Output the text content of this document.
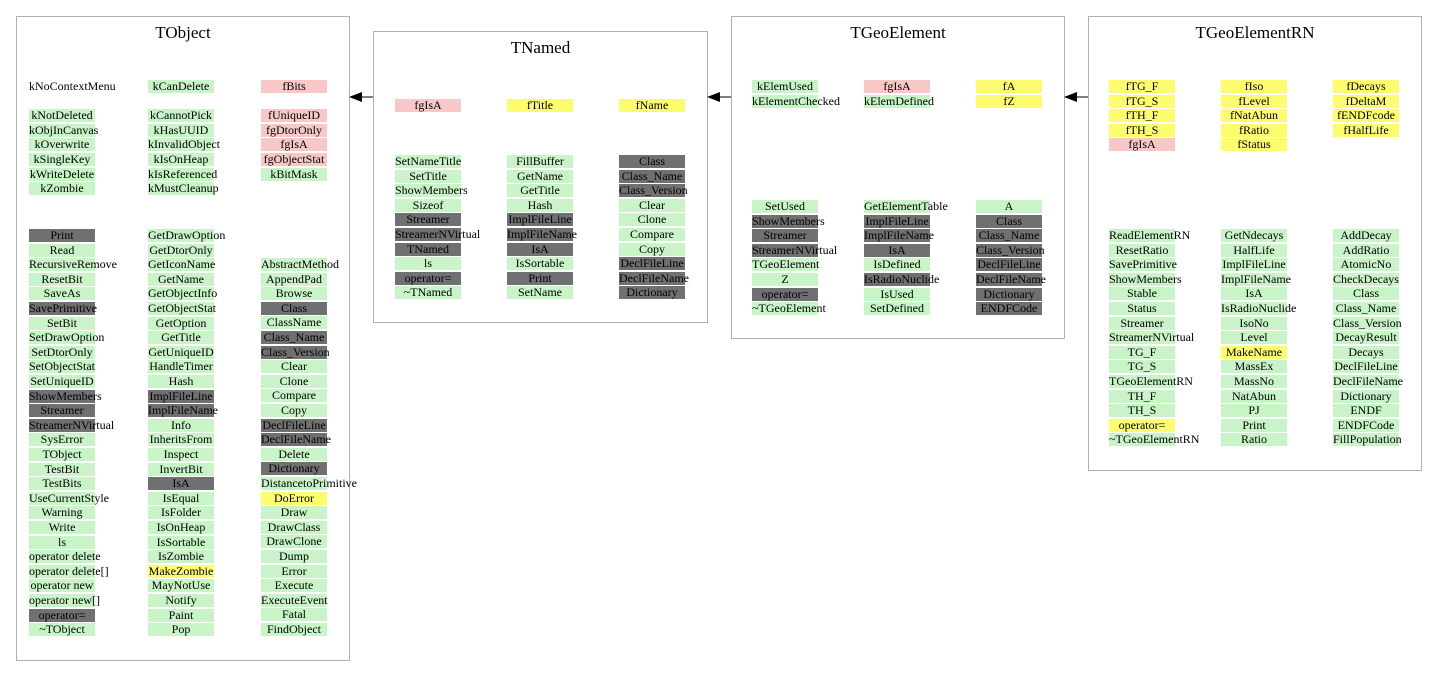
TObject
TNamed
TGeoElement	TGeoElementRN
kNoContextMenu
kNotDeleted
kObjInCanvas
kOverwrite
kSingleKey
kWriteDelete
kZombie
Print
Read
RecursiveRemove
ResetBit
SaveAs
SavePrimitive
SetBit
SetDrawOption
SetDtorOnly
SetObjectStat
SetUniqueID
ShowMembers
Streamer
StreamerNVirtual
SysError
TObject
TestBit
TestBits
UseCurrentStyle
Warning
Write
ls
operator delete
operator delete[]
operator new
operator new[]
operator=
~TObject
kCanDelete
kCannotPick
kHasUUID
kInvalidObject
kIsOnHeap
kIsReferenced
kMustCleanup
GetDrawOption
GetDtorOnly
GetIconName
GetName
GetObjectInfo
GetObjectStat
GetOption
GetTitle
GetUniqueID
HandleTimer
Hash
ImplFileLine
ImplFileName
Info
InheritsFrom
Inspect
InvertBit
IsA
IsEqual
IsFolder
IsOnHeap
IsSortable
IsZombie
MakeZombie
MayNotUse
Notify
Paint
Pop
fBits
fUniqueID
fgDtorOnly
fgIsA
fgObjectStat
kBitMask
AbstractMethod
AppendPad
Browse
Class
ClassName
Class_Name
Class_Version
Clear
Clone
Compare
Copy
DeclFileLine
DeclFileName
Delete
Dictionary
DistancetoPrimitive
DoError
Draw
DrawClass
DrawClone
Dump
Error
Execute
ExecuteEvent
Fatal
FindObject
fgIsA
SetNameTitle
SetTitle
ShowMembers
Sizeof
Streamer
StreamerNVirtual
TNamed
ls
operator=
~TNamed
fTitle
FillBuffer
GetName
GetTitle
Hash
ImplFileLine
ImplFileName
IsA
IsSortable
Print
SetName
fName
Class
Class_Name
Class_Version
Clear
Clone
Compare
Copy
DeclFileLine
DeclFileName
Dictionary
kElemUsed
kElementChecked
SetUsed
ShowMembers
Streamer
StreamerNVirtual
TGeoElement
Z
operator=
~TGeoElement
fgIsA
kElemDefined
GetElementTable
ImplFileLine
ImplFileName
IsA
IsDefined
IsRadioNuclide
IsUsed
SetDefined
fA
fZ
A
Class
Class_Name
Class_Version
DeclFileLine
DeclFileName
Dictionary
ENDFCode
fTG_F
fTG_S
fTH_F
fTH_S
fgIsA
ReadElementRN
ResetRatio
SavePrimitive
ShowMembers
Stable
Status
Streamer
StreamerNVirtual
TG_F
TG_S
TGeoElementRN
TH_F
TH_S
operator=
~TGeoElementRN
fIso
fLevel
fNatAbun
fRatio
fStatus
GetNdecays
HalfLife
ImplFileLine
ImplFileName
IsA
IsRadioNuclide
IsoNo
Level
MakeName
MassEx
MassNo
NatAbun
PJ
Print
Ratio
fDecays
fDeltaM
fENDFcode
fHalfLife
AddDecay
AddRatio
AtomicNo
CheckDecays
Class
Class_Name
Class_Version
DecayResult
Decays
DeclFileLine
DeclFileName
Dictionary
ENDF
ENDFCode
FillPopulation
